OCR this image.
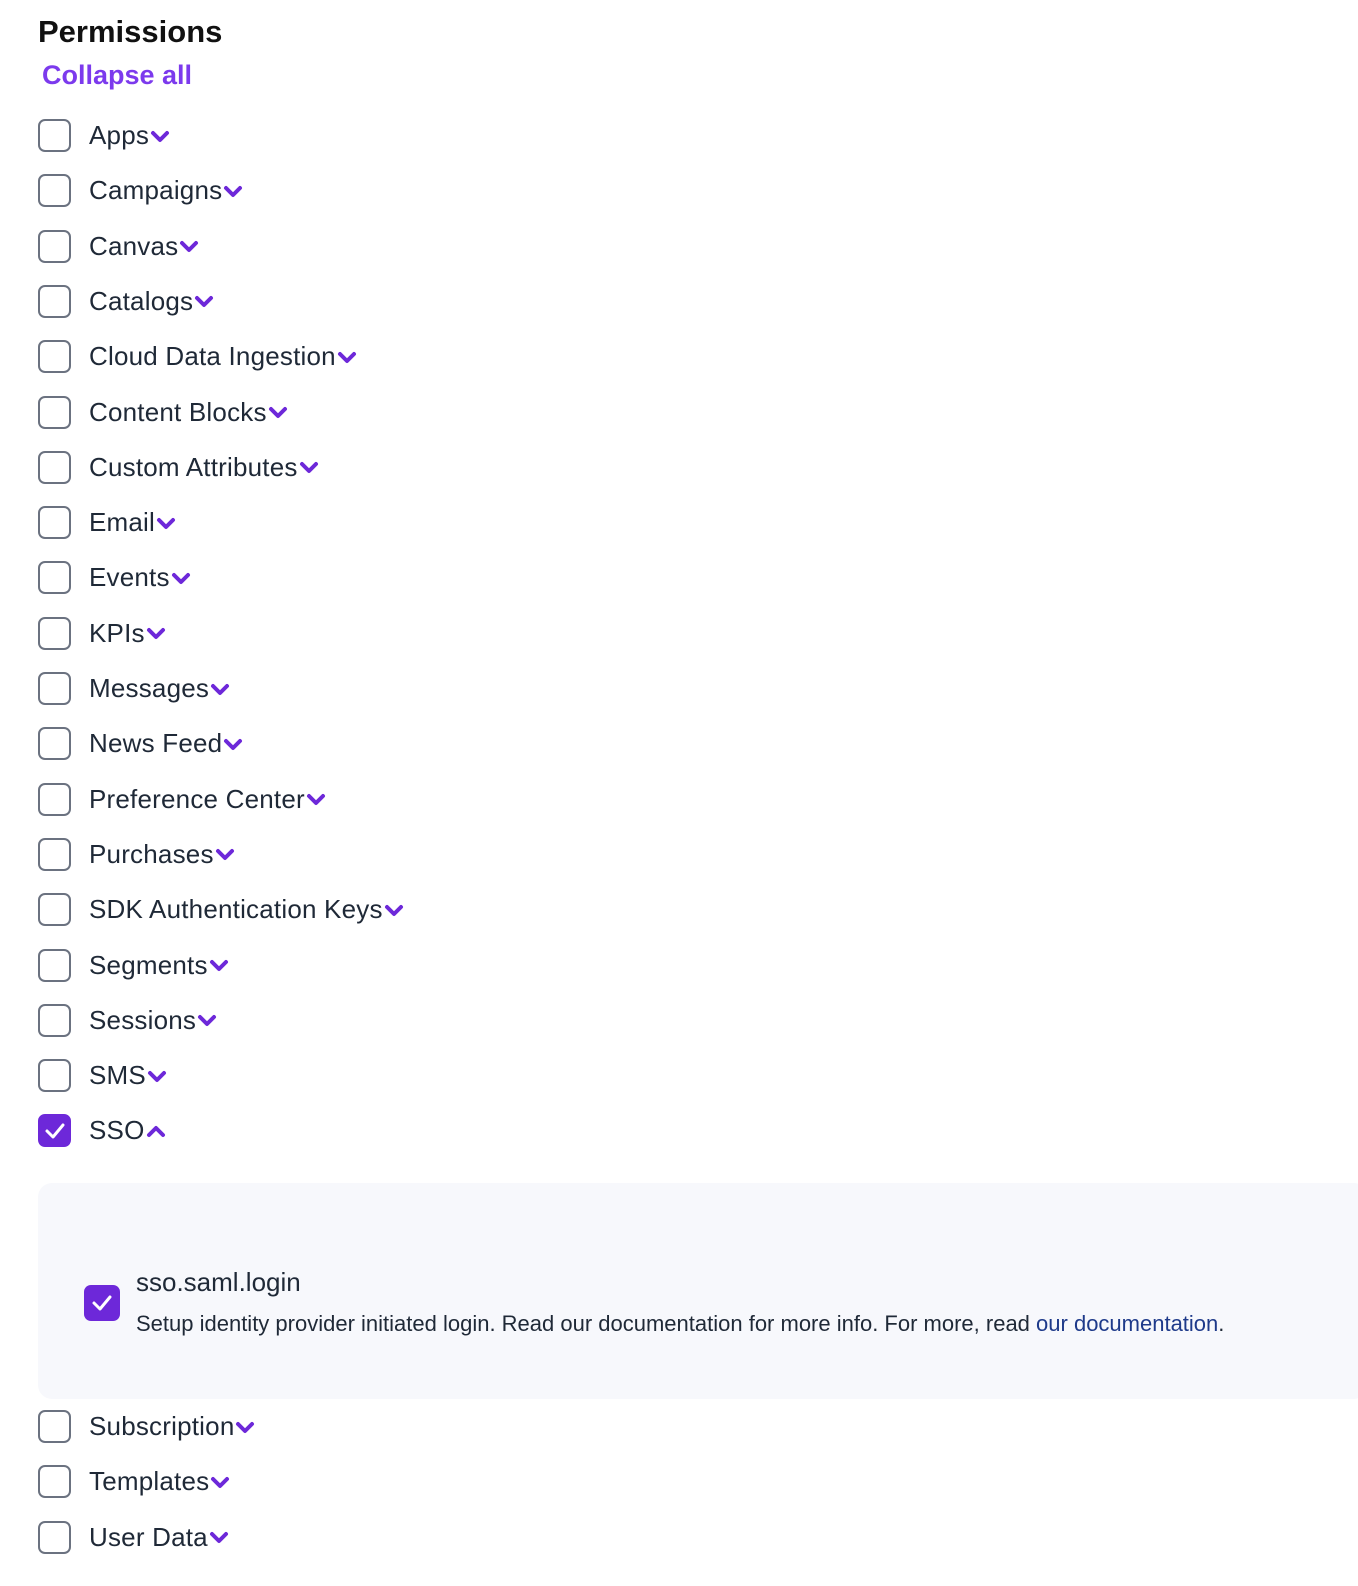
Permissions
Collapse all
Apps
Campaigns
Canvas
Catalogs
Cloud Data Ingestion
Content Blocks
Custom Attributes
Email
Events
KPIs
Messages
News Feed
Preference Center
Purchases
SDK Authentication Keys
Segments
Sessions
SMS
SSO
Subscription
Templates
User Data
sso.saml.login
Setup identity provider initiated login. Read our documentation for more info. For more, read our documentation.
